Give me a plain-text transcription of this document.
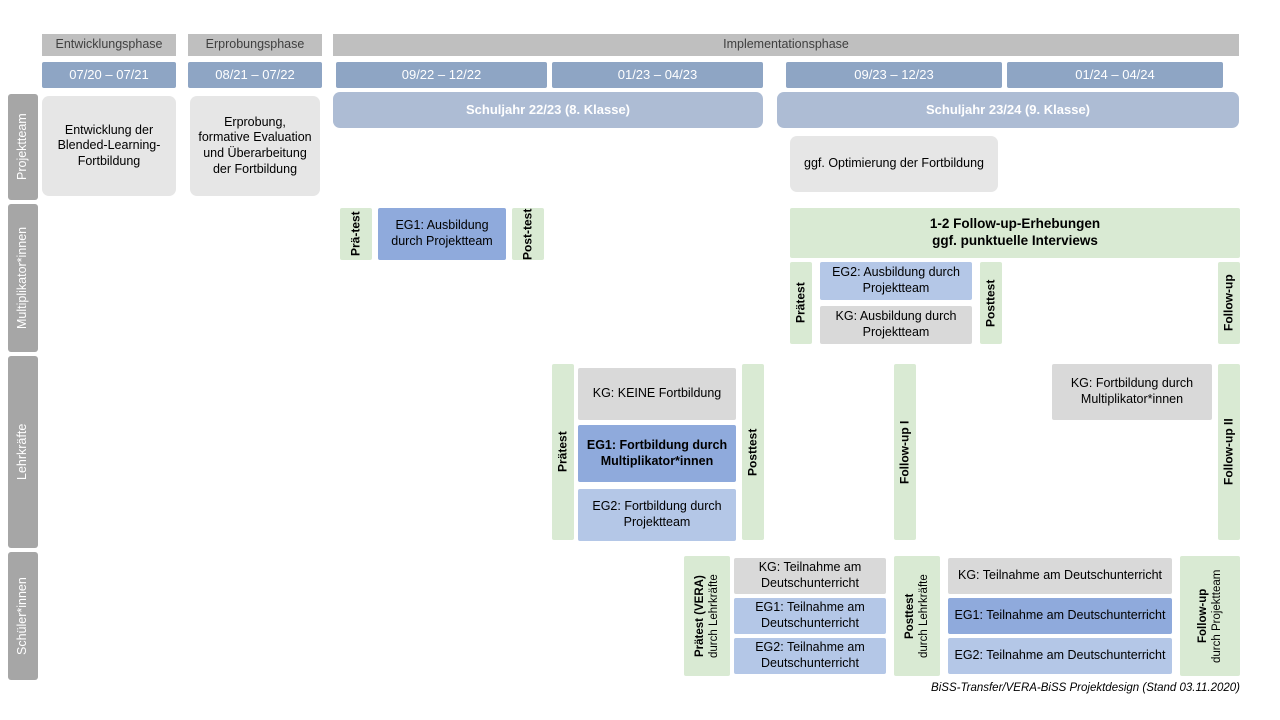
Entwicklungsphase	Erprobungsphase	Implementationsphase
07/20 – 07/21	08/21 – 07/22	09/22 – 12/22	01/23 – 04/23	09/23 – 12/23	01/24 – 04/24
Schuljahr 22/23 (8. Klasse)	Schuljahr 23/24 (9. Klasse)
Projektteam
Multiplikator*innen
Lehrkräfte
Schüler*innen
Entwicklung der Blended-Learning-Fortbildung
Erprobung, formative Evaluation und Überarbeitung der Fortbildung	ggf. Optimierung der Fortbildung
Prä-test	EG1: Ausbildung durch Projektteam	Post-test	1-2 Follow-up-Erhebungen
ggf. punktuelle Interviews
Prätest
EG2: Ausbildung durch Projektteam
KG: Ausbildung durch Projektteam
Posttest	Follow-up
Prätest
KG: KEINE Fortbildung
EG1: Fortbildung durch Multiplikator*innen
EG2: Fortbildung durch Projektteam
Posttest	Follow-up I
KG: Fortbildung durch Multiplikator*innen
Follow-up II
Prätest (VERA) durch Lehrkräfte
KG: Teilnahme am Deutschunterricht
EG1: Teilnahme am Deutschunterricht
EG2: Teilnahme am Deutschunterricht
Posttest durch Lehrkräfte KG: Teilnahme am Deutschunterricht
EG1: Teilnahme am Deutschunterricht
EG2: Teilnahme am Deutschunterricht
Follow-up durch Projektteam
BiSS-Transfer/VERA-BiSS Projektdesign (Stand 03.11.2020)
